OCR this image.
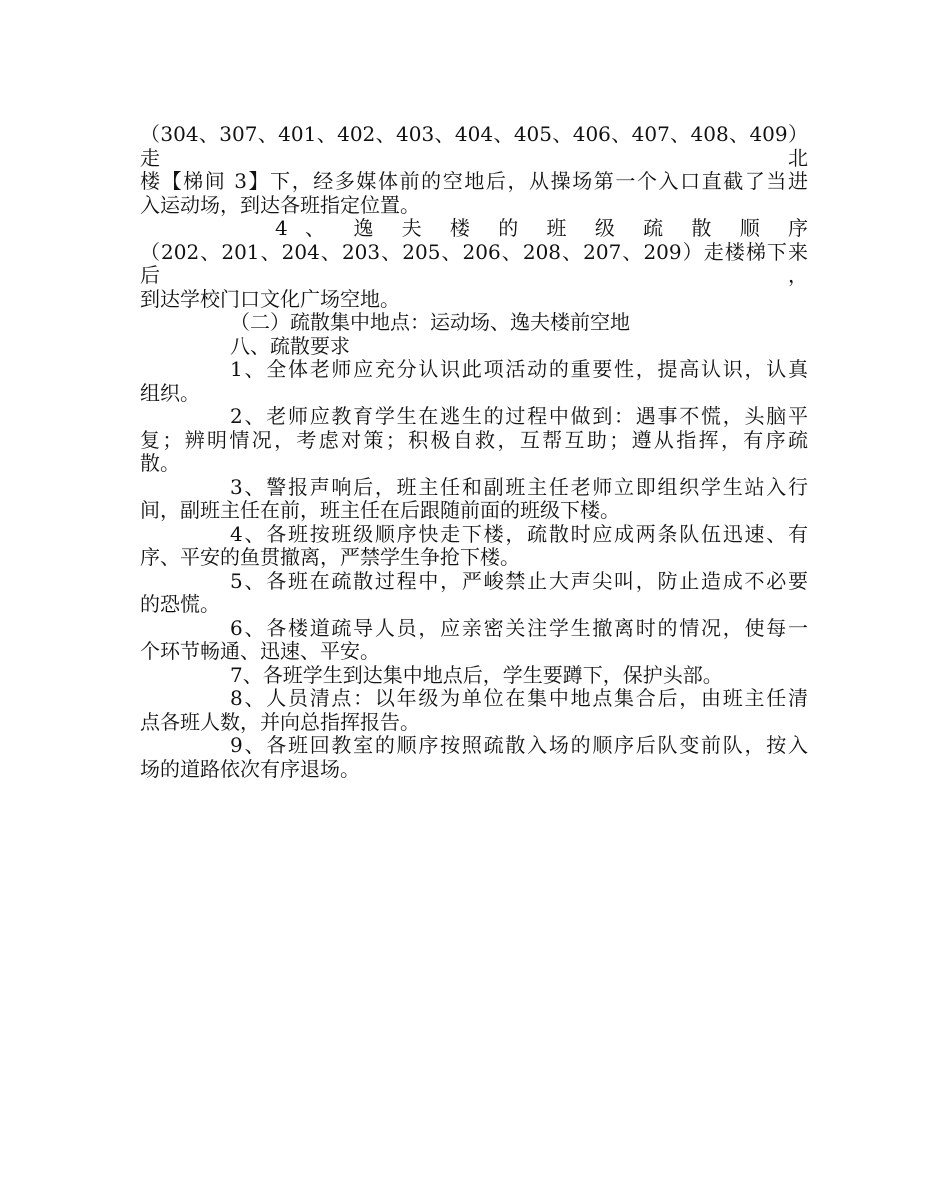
（304、307、401、402、403、404、405、406、407、408、409）走北
楼【梯间 3】下，经多媒体前的空地后，从操场第一个入口直截了当进
入运动场，到达各班指定位置。
4 、 逸 夫 楼 的 班 级 疏 散 顺 序
（202、201、204、203、205、206、208、207、209）走楼梯下来后，
到达学校门口文化广场空地。
（二）疏散集中地点：运动场、逸夫楼前空地
八、疏散要求
1、全体老师应充分认识此项活动的重要性，提高认识，认真
组织。
2、老师应教育学生在逃生的过程中做到：遇事不慌，头脑平
复；辨明情况，考虑对策；积极自救，互帮互助；遵从指挥，有序疏
散。
3、警报声响后，班主任和副班主任老师立即组织学生站入行
间，副班主任在前，班主任在后跟随前面的班级下楼。
4、各班按班级顺序快走下楼，疏散时应成两条队伍迅速、有
序、平安的鱼贯撤离，严禁学生争抢下楼。
5、各班在疏散过程中，严峻禁止大声尖叫，防止造成不必要
的恐慌。
6、各楼道疏导人员，应亲密关注学生撤离时的情况，使每一
个环节畅通、迅速、平安。
7、各班学生到达集中地点后，学生要蹲下，保护头部。
8、人员清点：以年级为单位在集中地点集合后，由班主任清
点各班人数，并向总指挥报告。
9、各班回教室的顺序按照疏散入场的顺序后队变前队，按入
场的道路依次有序退场。
